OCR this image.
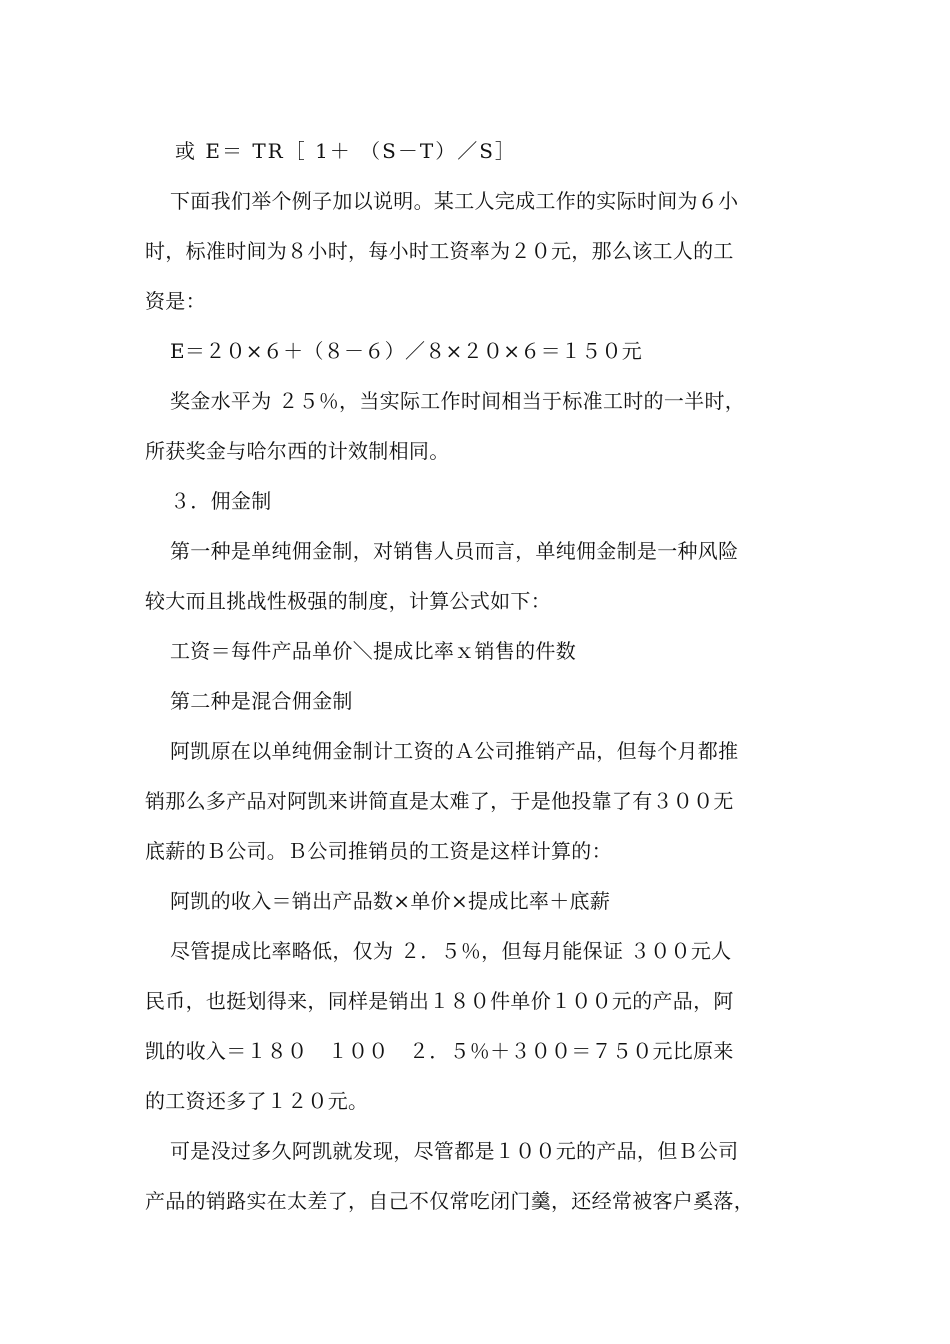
或 E＝ TR［ 1＋ （S－T）／S］
下面我们举个例子加以说明。某工人完成工作的实际时间为６小
时，标准时间为８小时，每小时工资率为２０元，那么该工人的工
资是：
E＝２０×６＋（８－６）／８×２０×６＝１５０元
奖金水平为 ２５％，当实际工作时间相当于标准工时的一半时，
所获奖金与哈尔西的计效制相同。
３．佣金制
第一种是单纯佣金制，对销售人员而言，单纯佣金制是一种风险
较大而且挑战性极强的制度，计算公式如下：
工资＝每件产品单价＼提成比率ｘ销售的件数
第二种是混合佣金制
阿凯原在以单纯佣金制计工资的Ａ公司推销产品，但每个月都推
销那么多产品对阿凯来讲简直是太难了，于是他投靠了有３００无
底薪的Ｂ公司。Ｂ公司推销员的工资是这样计算的：
阿凯的收入＝销出产品数×单价×提成比率＋底薪
尽管提成比率略低，仅为 ２．５％，但每月能保证 ３００元人
民币，也挺划得来，同样是销出１８０件单价１００元的产品，阿
凯的收入＝１８０　１００　２．５％＋３００＝７５０元比原来
的工资还多了１２０元。
可是没过多久阿凯就发现，尽管都是１００元的产品，但Ｂ公司
产品的销路实在太差了，自己不仅常吃闭门羹，还经常被客户奚落，
